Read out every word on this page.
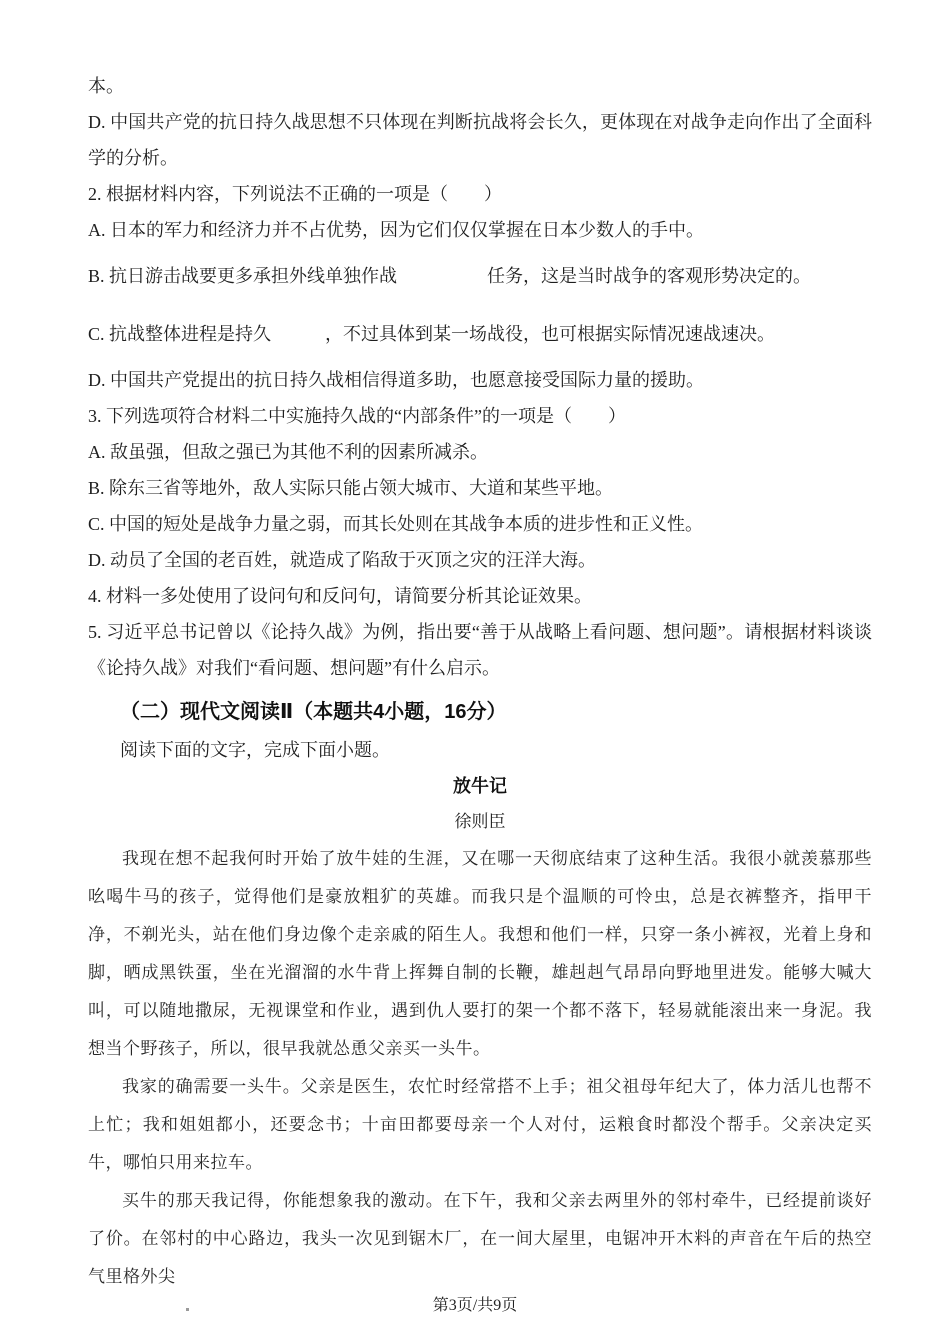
本。
D. 中国共产党的抗日持久战思想不只体现在判断抗战将会长久，更体现在对战争走向作出了全面科学的分析。
2. 根据材料内容，下列说法不正确的一项是（　　）
A. 日本的军力和经济力并不占优势，因为它们仅仅掌握在日本少数人的手中。
B. 抗日游击战要更多承担外线单独作战　　　　　任务，这是当时战争的客观形势决定的。
C. 抗战整体进程是持久　　　，不过具体到某一场战役，也可根据实际情况速战速决。
D. 中国共产党提出的抗日持久战相信得道多助，也愿意接受国际力量的援助。
3. 下列选项符合材料二中实施持久战的“内部条件”的一项是（　　）
A. 敌虽强，但敌之强已为其他不利的因素所减杀。
B. 除东三省等地外，敌人实际只能占领大城市、大道和某些平地。
C. 中国的短处是战争力量之弱，而其长处则在其战争本质的进步性和正义性。
D. 动员了全国的老百姓，就造成了陷敌于灭顶之灾的汪洋大海。
4. 材料一多处使用了设问句和反问句，请简要分析其论证效果。
5. 习近平总书记曾以《论持久战》为例，指出要“善于从战略上看问题、想问题”。请根据材料谈谈《论持久战》对我们“看问题、想问题”有什么启示。
（二）现代文阅读Ⅱ（本题共4小题，16分）
阅读下面的文字，完成下面小题。
放牛记
徐则臣
我现在想不起我何时开始了放牛娃的生涯，又在哪一天彻底结束了这种生活。我很小就羡慕那些吆喝牛马的孩子，觉得他们是豪放粗犷的英雄。而我只是个温顺的可怜虫，总是衣裤整齐，指甲干净，不剃光头，站在他们身边像个走亲戚的陌生人。我想和他们一样，只穿一条小裤衩，光着上身和脚，晒成黑铁蛋，坐在光溜溜的水牛背上挥舞自制的长鞭，雄赳赳气昂昂向野地里进发。能够大喊大叫，可以随地撒尿，无视课堂和作业，遇到仇人要打的架一个都不落下，轻易就能滚出来一身泥。我想当个野孩子，所以，很早我就怂恿父亲买一头牛。
我家的确需要一头牛。父亲是医生，农忙时经常搭不上手；祖父祖母年纪大了，体力活儿也帮不上忙；我和姐姐都小，还要念书；十亩田都要母亲一个人对付，运粮食时都没个帮手。父亲决定买牛，哪怕只用来拉车。
买牛的那天我记得，你能想象我的激动。在下午，我和父亲去两里外的邻村牵牛，已经提前谈好了价。在邻村的中心路边，我头一次见到锯木厂，在一间大屋里，电锯冲开木料的声音在午后的热空气里格外尖
第3页/共9页
